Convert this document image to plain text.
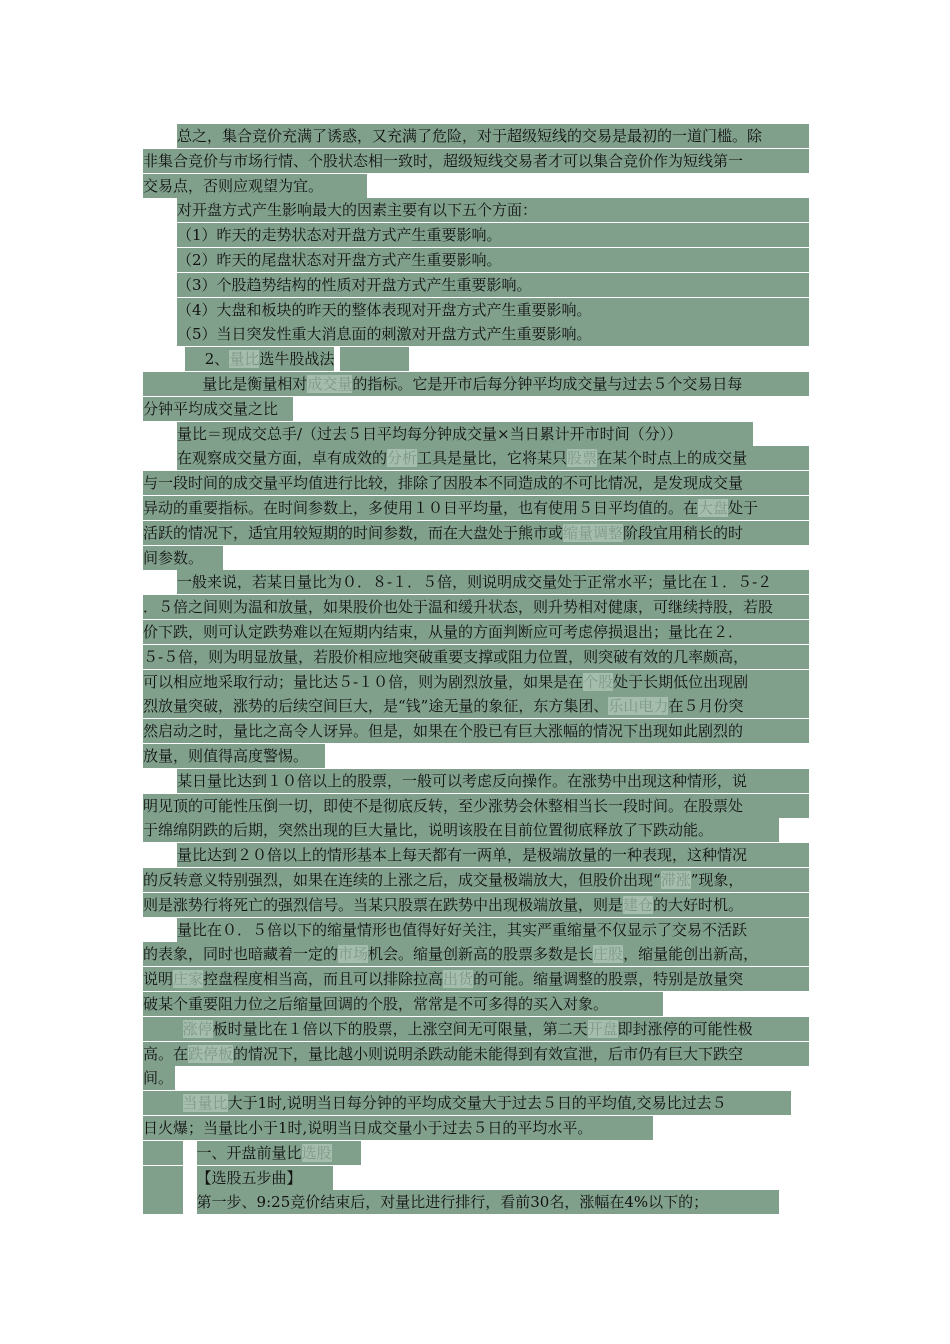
总之，集合竞价充满了诱惑，又充满了危险，对于超级短线的交易是最初的一道门槛。除
非集合竞价与市场行情、个股状态相一致时，超级短线交易者才可以集合竞价作为短线第一
交易点，否则应观望为宜。
对开盘方式产生影响最大的因素主要有以下五个方面：
（1）昨天的走势状态对开盘方式产生重要影响。
（2）昨天的尾盘状态对开盘方式产生重要影响。
（3）个股趋势结构的性质对开盘方式产生重要影响。
（4）大盘和板块的昨天的整体表现对开盘方式产生重要影响。
（5）当日突发性重大消息面的刺激对开盘方式产生重要影响。
　 2、量比选牛股战法　
　 　 　 量比是衡量相对成交量的指标。它是开市后每分钟平均成交量与过去５个交易日每
分钟平均成交量之比
量比＝现成交总手/（过去５日平均每分钟成交量×当日累计开市时间（分））
在观察成交量方面，卓有成效的分析工具是量比，它将某只股票在某个时点上的成交量
与一段时间的成交量平均值进行比较，排除了因股本不同造成的不可比情况，是发现成交量
异动的重要指标。在时间参数上，多使用１０日平均量，也有使用５日平均值的。在大盘处于
活跃的情况下，适宜用较短期的时间参数，而在大盘处于熊市或缩量调整阶段宜用稍长的时
间参数。
一般来说，若某日量比为０．８-１．５倍，则说明成交量处于正常水平；量比在１．５-２
．５倍之间则为温和放量，如果股价也处于温和缓升状态，则升势相对健康，可继续持股，若股
价下跌，则可认定跌势难以在短期内结束，从量的方面判断应可考虑停损退出；量比在２．
５-５倍，则为明显放量，若股价相应地突破重要支撑或阻力位置，则突破有效的几率颇高，
可以相应地采取行动；量比达５-１０倍，则为剧烈放量，如果是在个股处于长期低位出现剧
烈放量突破，涨势的后续空间巨大，是“钱”途无量的象征，东方集团、乐山电力在５月份突
然启动之时，量比之高令人讶异。但是，如果在个股已有巨大涨幅的情况下出现如此剧烈的
放量，则值得高度警惕。
某日量比达到１０倍以上的股票，一般可以考虑反向操作。在涨势中出现这种情形，说
明见顶的可能性压倒一切，即使不是彻底反转，至少涨势会休整相当长一段时间。在股票处
于绵绵阴跌的后期，突然出现的巨大量比，说明该股在目前位置彻底释放了下跌动能。
量比达到２０倍以上的情形基本上每天都有一两单，是极端放量的一种表现，这种情况
的反转意义特别强烈，如果在连续的上涨之后，成交量极端放大，但股价出现“滞涨”现象，
则是涨势行将死亡的强烈信号。当某只股票在跌势中出现极端放量，则是建仓的大好时机。
量比在０．５倍以下的缩量情形也值得好好关注，其实严重缩量不仅显示了交易不活跃
的表象，同时也暗藏着一定的市场机会。缩量创新高的股票多数是长庄股，缩量能创出新高，
说明庄家控盘程度相当高，而且可以排除拉高出货的可能。缩量调整的股票，特别是放量突
破某个重要阻力位之后缩量回调的个股，常常是不可多得的买入对象。
　 　 涨停板时量比在１倍以下的股票，上涨空间无可限量，第二天开盘即封涨停的可能性极
高。在跌停板的情况下，量比越小则说明杀跌动能未能得到有效宣泄，后市仍有巨大下跌空
间。
　 　 当量比大于1时,说明当日每分钟的平均成交量大于过去５日的平均值,交易比过去５
日火爆；当量比小于1时,说明当日成交量小于过去５日的平均水平。
　 　 一、开盘前量比选股
　 　 【选股五步曲】
　 　 第一步、9:25竞价结束后，对量比进行排行，看前30名，涨幅在4%以下的；
